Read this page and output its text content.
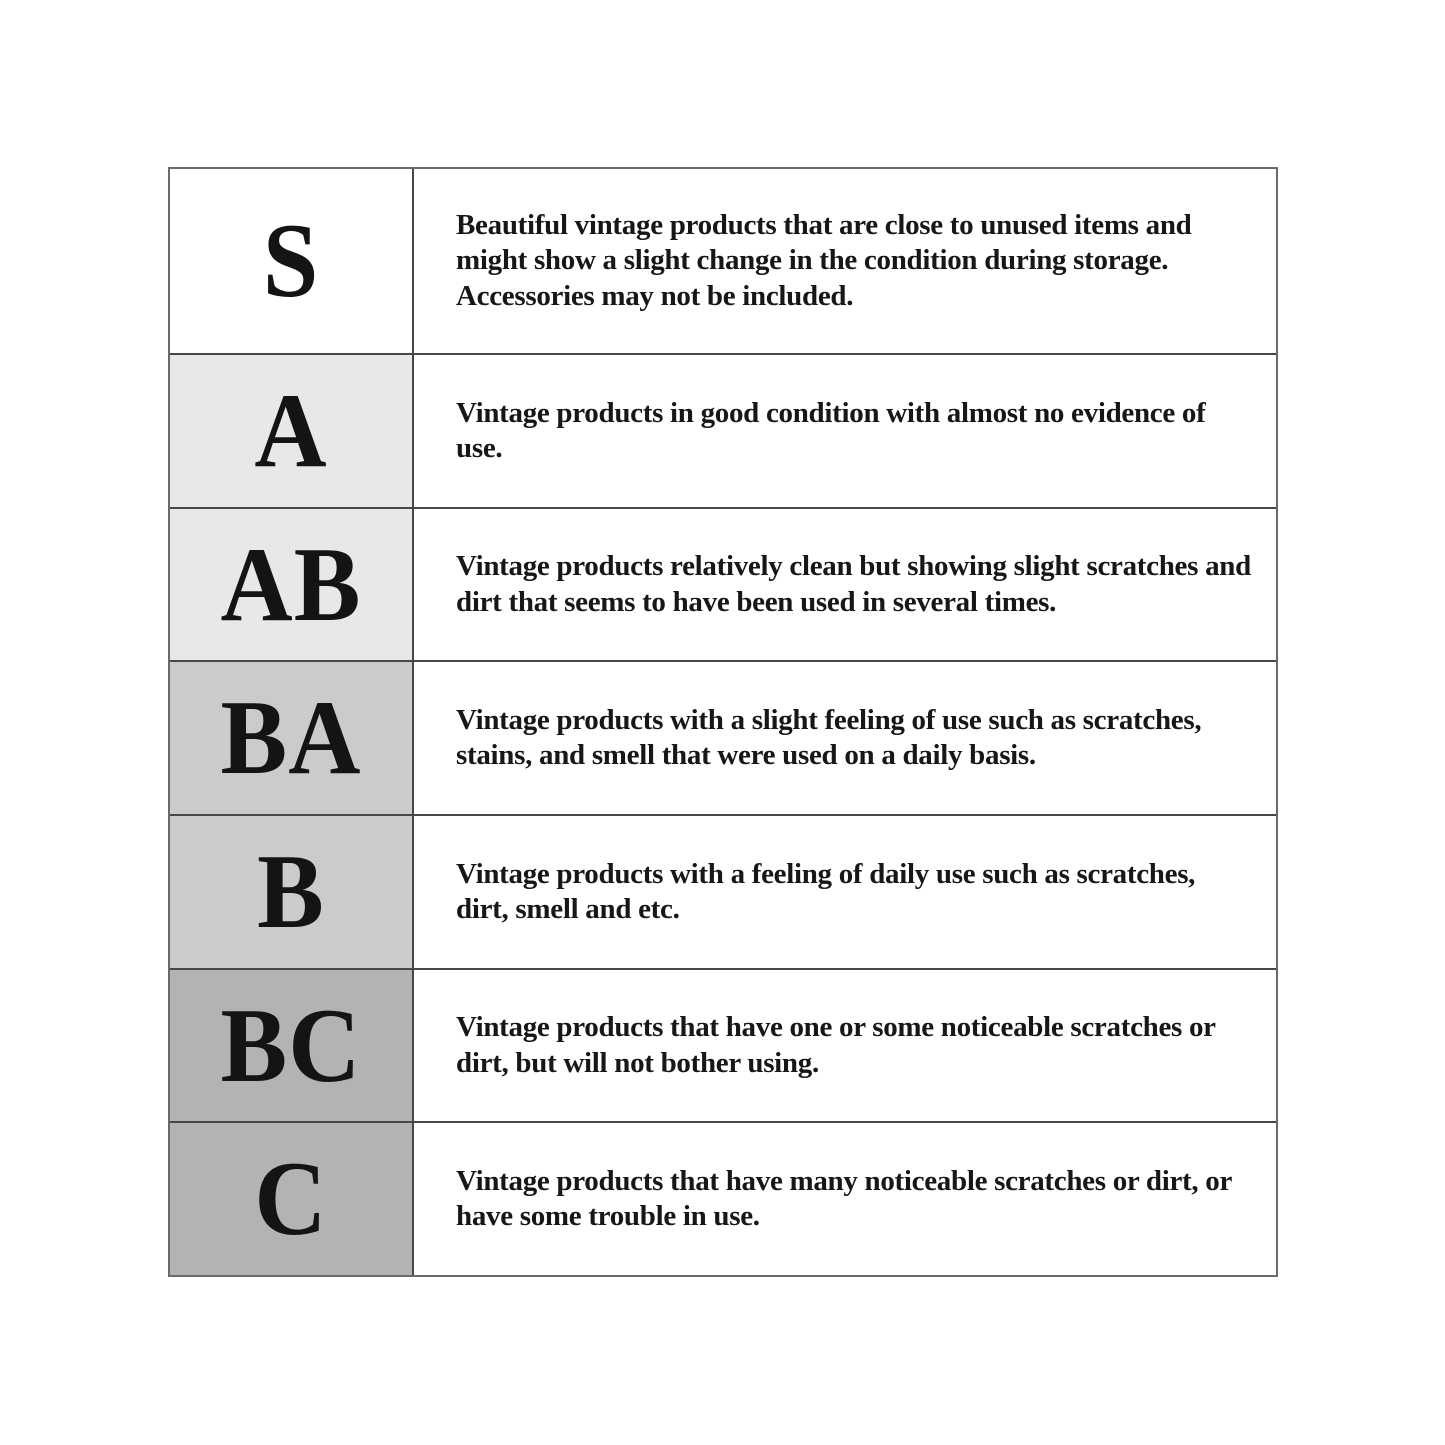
S	Beautiful vintage products that are close to unused items and might show a slight change in the condition during storage. Accessories may not be included.

A	Vintage products in good condition with almost no evidence of use.

AB	Vintage products relatively clean but showing slight scratches and dirt that seems to have been used in several times.

BA	Vintage products with a slight feeling of use such as scratches, stains, and smell that were used on a daily basis.

B	Vintage products with a feeling of daily use such as scratches, dirt, smell and etc.

BC	Vintage products that have one or some noticeable scratches or dirt, but will not bother using.

C	Vintage products that have many noticeable scratches or dirt, or have some trouble in use.
